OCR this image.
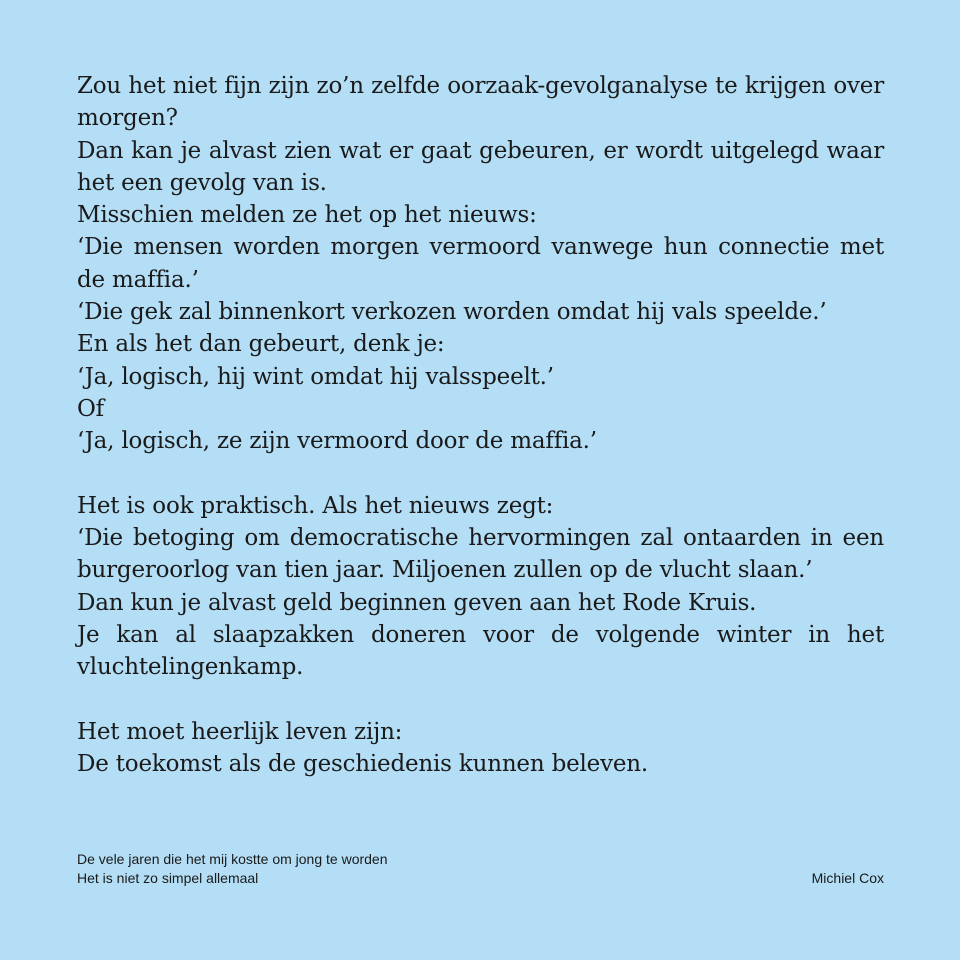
Zou het niet fijn zijn zo’n zelfde oorzaak-gevolganalyse te krijgen over morgen?

Dan kan je alvast zien wat er gaat gebeuren, er wordt uitgelegd waar het een gevolg van is.

Misschien melden ze het op het nieuws:

‘Die mensen worden morgen vermoord vanwege hun connectie met de maffia.’

‘Die gek zal binnenkort verkozen worden omdat hij vals speelde.’

En als het dan gebeurt, denk je:

‘Ja, logisch, hij wint omdat hij valsspeelt.’

Of

‘Ja, logisch, ze zijn vermoord door de maffia.’

Het is ook praktisch. Als het nieuws zegt:

‘Die betoging om democratische hervormingen zal ontaarden in een burgeroorlog van tien jaar. Miljoenen zullen op de vlucht slaan.’

Dan kun je alvast geld beginnen geven aan het Rode Kruis.

Je kan al slaapzakken doneren voor de volgende winter in het vluchtelingenkamp.

Het moet heerlijk leven zijn:

De toekomst als de geschiedenis kunnen beleven.

De vele jaren die het mij kostte om jong te worden
Het is niet zo simpel allemaal	Michiel Cox
